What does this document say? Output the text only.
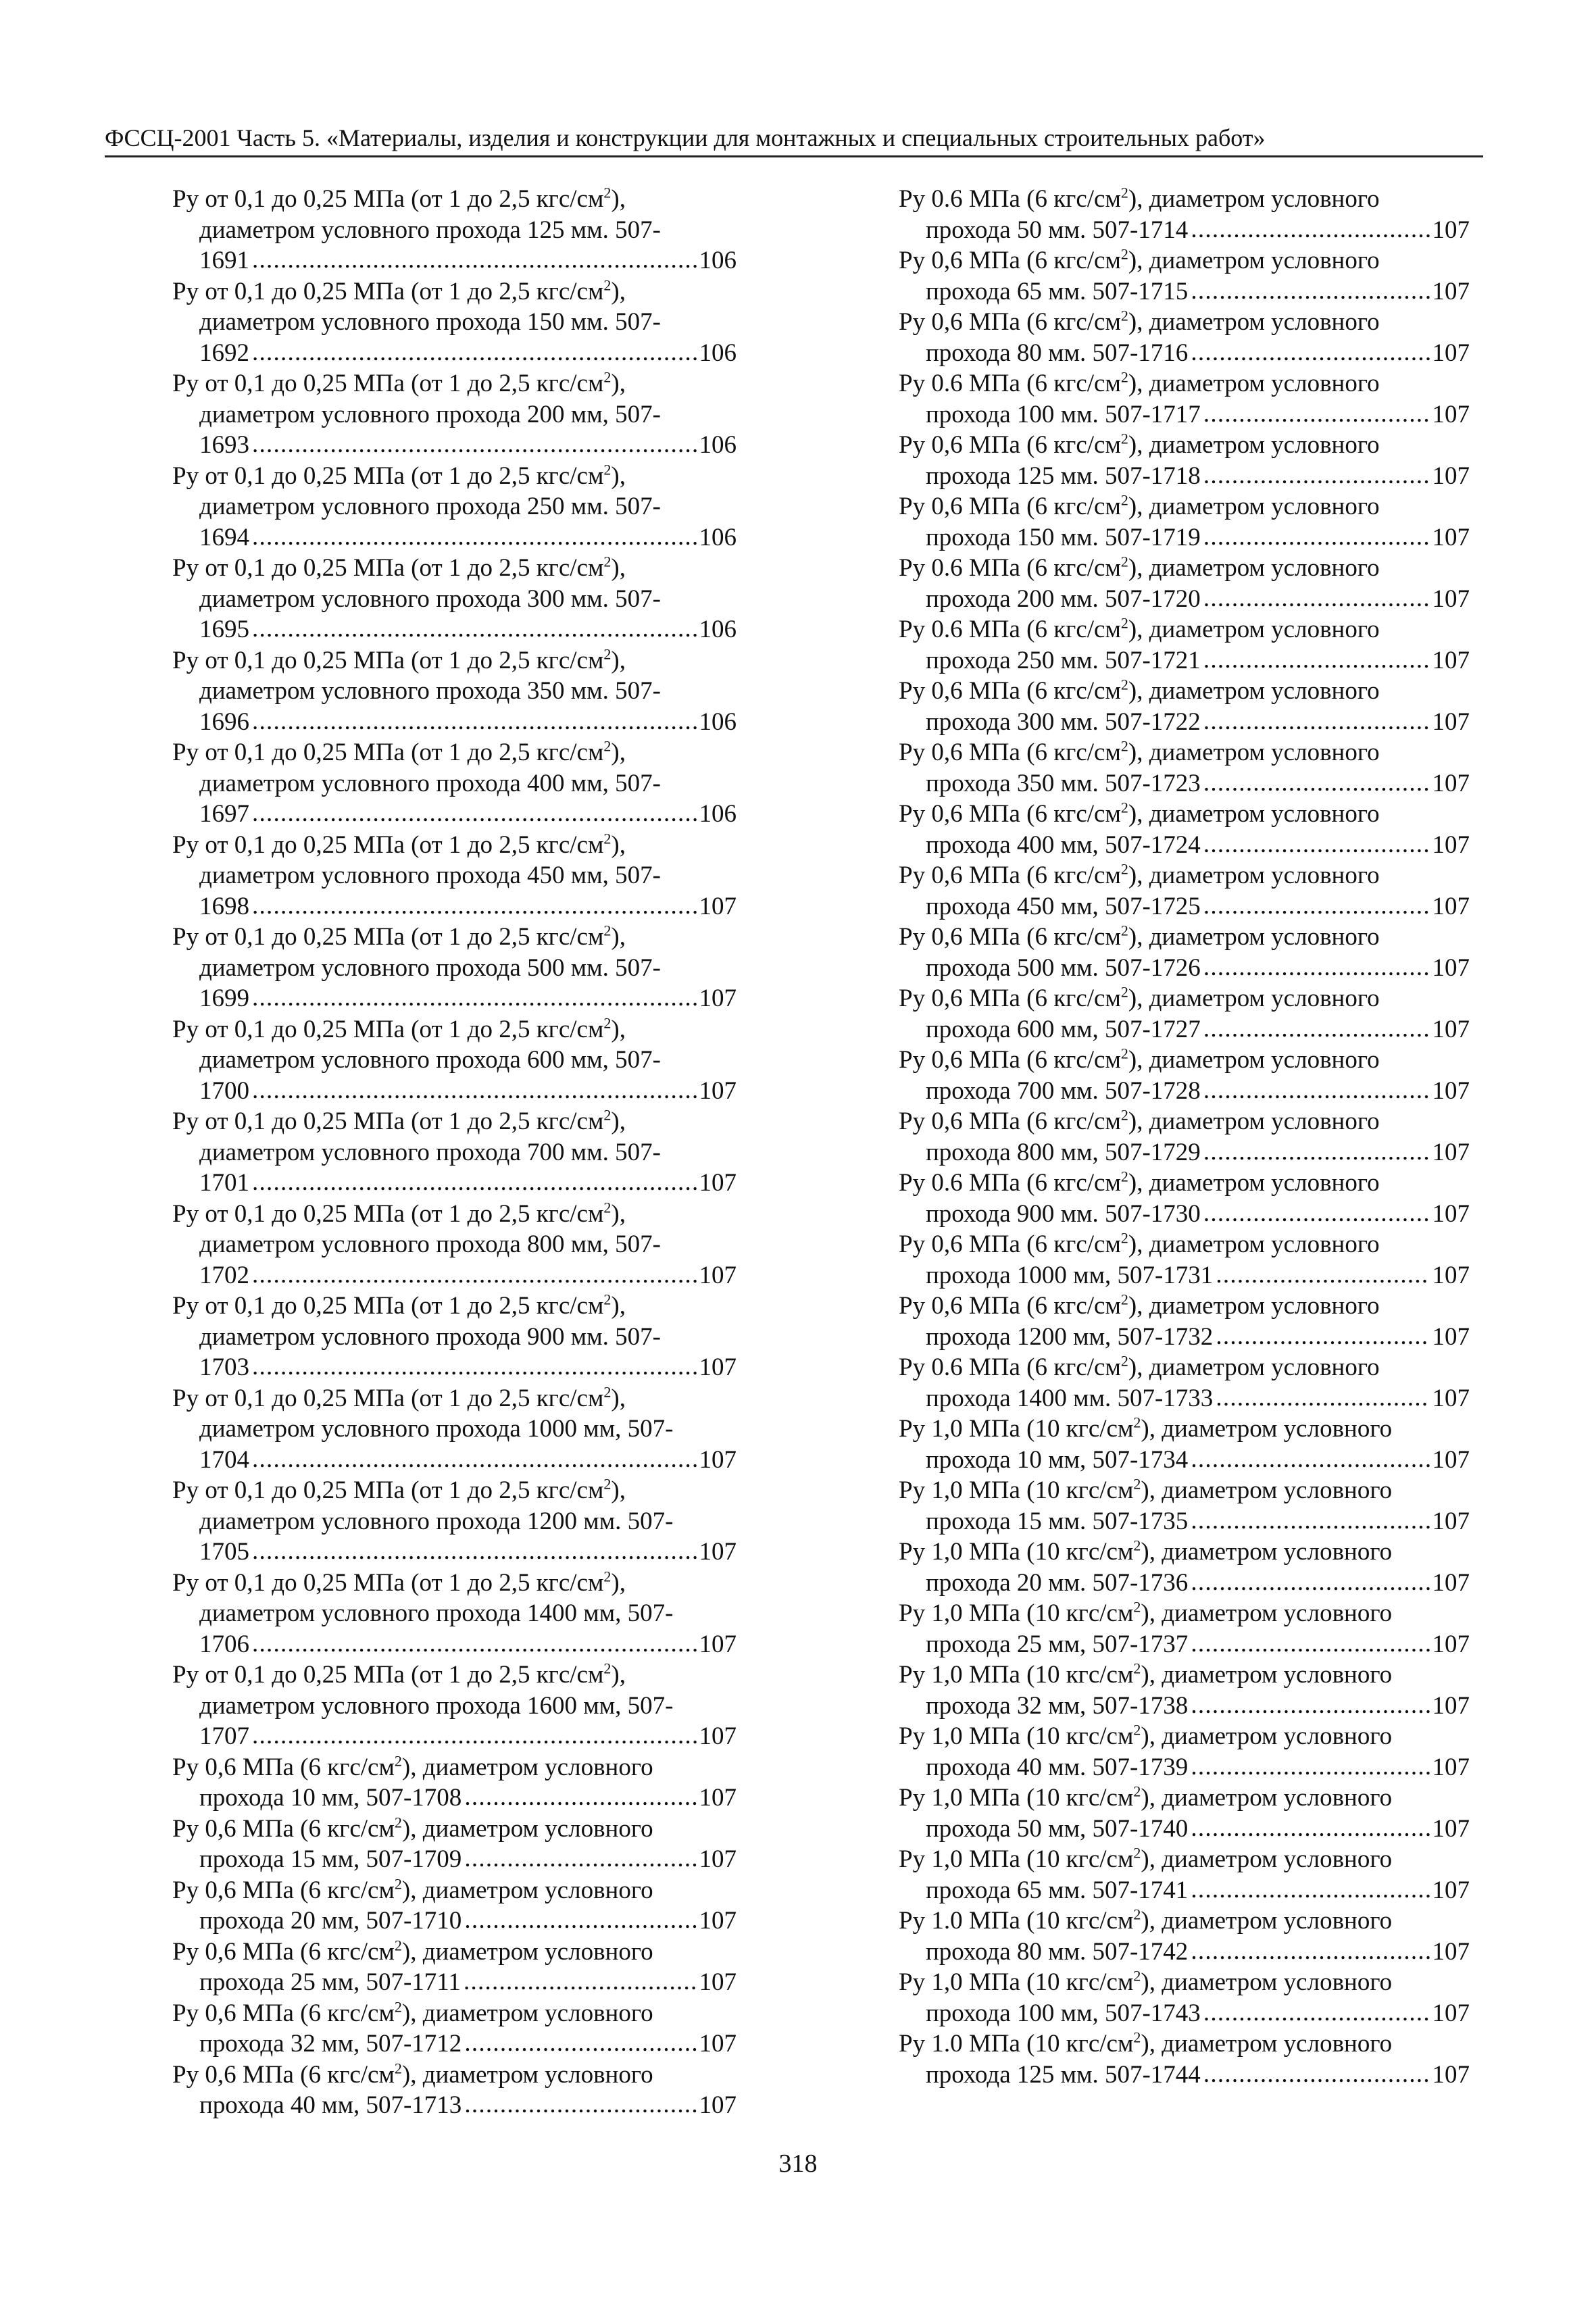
ФССЦ-2001 Часть 5. «Материалы, изделия и конструкции для монтажных и специальных строительных работ»
Ру от 0,1 до 0,25 МПа (от 1 до 2,5 кгс/$см^2$),
диаметром условного прохода 125 мм. 507-
1691 . . .	106
Ру от 0,1 до 0,25 МПа (от 1 до 2,5 кгс/$см^2$),
диаметром условного прохода 150 мм. 507-
1692 . . .	106
Ру от 0,1 до 0,25 МПа (от 1 до 2,5 кгс/$см^2$),
диаметром условного прохода 200 мм, 507-
1693 . . .	106
Ру от 0,1 до 0,25 МПа (от 1 до 2,5 кгс/$см^2$),
диаметром условного прохода 250 мм. 507-
1694 . . .	106
Ру от 0,1 до 0,25 МПа (от 1 до 2,5 кгс/$см^2$),
диаметром условного прохода 300 мм. 507-
1695 . . .	106
Ру от 0,1 до 0,25 МПа (от 1 до 2,5 кгс/$см^2$),
диаметром условного прохода 350 мм. 507-
1696 . . .	106
Ру от 0,1 до 0,25 МПа (от 1 до 2,5 кгс/$см^2$),
диаметром условного прохода 400 мм, 507-
1697 . . .	106
Ру от 0,1 до 0,25 МПа (от 1 до 2,5 кгс/$см^2$),
диаметром условного прохода 450 мм, 507-
1698 . . .	107
Ру от 0,1 до 0,25 МПа (от 1 до 2,5 кгс/$см^2$),
диаметром условного прохода 500 мм. 507-
1699 . . .	107
Ру от 0,1 до 0,25 МПа (от 1 до 2,5 кгс/$см^2$),
диаметром условного прохода 600 мм, 507-
1700 . . .	107
Ру от 0,1 до 0,25 МПа (от 1 до 2,5 кгс/$см^2$),
диаметром условного прохода 700 мм. 507-
1701 . . .	107
Ру от 0,1 до 0,25 МПа (от 1 до 2,5 кгс/$см^2$),
диаметром условного прохода 800 мм, 507-
1702 . . .	107
Ру от 0,1 до 0,25 МПа (от 1 до 2,5 кгс/$см^2$),
диаметром условного прохода 900 мм. 507-
1703 . . .	107
Ру от 0,1 до 0,25 МПа (от 1 до 2,5 кгс/$см^2$),
диаметром условного прохода 1000 мм, 507-
1704 . . .	107
Ру от 0,1 до 0,25 МПа (от 1 до 2,5 кгс/$см^2$),
диаметром условного прохода 1200 мм. 507-
1705 . . .	107
Ру от 0,1 до 0,25 МПа (от 1 до 2,5 кгс/$см^2$),
диаметром условного прохода 1400 мм, 507-
1706 . . .	107
Ру от 0,1 до 0,25 МПа (от 1 до 2,5 кгс/$см^2$),
диаметром условного прохода 1600 мм, 507-
1707 . . .	107
Ру 0,6 МПа (6 кгс/$см^2$), диаметром условного
прохода 10 мм, 507-1708 . . .	107
Ру 0,6 МПа (6 кгс/$см^2$), диаметром условного
прохода 15 мм, 507-1709 . . .	107
Ру 0,6 МПа (6 кгс/$см^2$), диаметром условного
прохода 20 мм, 507-1710 . . .	107
Ру 0,6 МПа (6 кгс/$см^2$), диаметром условного
прохода 25 мм, 507-1711 . . .	107
Ру 0,6 МПа (6 кгс/$см^2$), диаметром условного
прохода 32 мм, 507-1712 . . .	107
Ру 0,6 МПа (6 кгс/$см^2$), диаметром условного
прохода 40 мм, 507-1713 . . .	107
Ру 0.6 МПа (6 кгс/$см^2$), диаметром условного
прохода 50 мм. 507-1714 . . .	107
Ру 0,6 МПа (6 кгс/$см^2$), диаметром условного
прохода 65 мм. 507-1715 . . .	107
Ру 0,6 МПа (6 кгс/$см^2$), диаметром условного
прохода 80 мм. 507-1716 . . .	107
Ру 0.6 МПа (6 кгс/$см^2$), диаметром условного
прохода 100 мм. 507-1717 . . .	107
Ру 0,6 МПа (6 кгс/$см^2$), диаметром условного
прохода 125 мм. 507-1718 . . .	107
Ру 0,6 МПа (6 кгс/$см^2$), диаметром условного
прохода 150 мм. 507-1719 . . .	107
Ру 0.6 МПа (6 кгс/$см^2$), диаметром условного
прохода 200 мм. 507-1720 . . .	107
Ру 0.6 МПа (6 кгс/$см^2$), диаметром условного
прохода 250 мм. 507-1721 . . .	107
Ру 0,6 МПа (6 кгс/$см^2$), диаметром условного
прохода 300 мм. 507-1722 . . .	107
Ру 0,6 МПа (6 кгс/$см^2$), диаметром условного
прохода 350 мм. 507-1723 . . .	107
Ру 0,6 МПа (6 кгс/$см^2$), диаметром условного
прохода 400 мм, 507-1724 . . .	107
Ру 0,6 МПа (6 кгс/$см^2$), диаметром условного
прохода 450 мм, 507-1725 . . .	107
Ру 0,6 МПа (6 кгс/$см^2$), диаметром условного
прохода 500 мм. 507-1726 . . .	107
Ру 0,6 МПа (6 кгс/$см^2$), диаметром условного
прохода 600 мм, 507-1727 . . .	107
Ру 0,6 МПа (6 кгс/$см^2$), диаметром условного
прохода 700 мм. 507-1728 . . .	107
Ру 0,6 МПа (6 кгс/$см^2$), диаметром условного
прохода 800 мм, 507-1729 . . .	107
Ру 0.6 МПа (6 кгс/$см^2$), диаметром условного
прохода 900 мм. 507-1730 . . .	107
Ру 0,6 МПа (6 кгс/$см^2$), диаметром условного
прохода 1000 мм, 507-1731 . . .	107
Ру 0,6 МПа (6 кгс/$см^2$), диаметром условного
прохода 1200 мм, 507-1732 . . .	107
Ру 0.6 МПа (6 кгс/$см^2$), диаметром условного
прохода 1400 мм. 507-1733 . . .	107
Ру 1,0 МПа (10 кгс/$см^2$), диаметром условного
прохода 10 мм, 507-1734 . . .	107
Ру 1,0 МПа (10 кгс/$см^2$), диаметром условного
прохода 15 мм. 507-1735 . . .	107
Ру 1,0 МПа (10 кгс/$см^2$), диаметром условного
прохода 20 мм. 507-1736 . . .	107
Ру 1,0 МПа (10 кгс/$см^2$), диаметром условного
прохода 25 мм, 507-1737 . . .	107
Ру 1,0 МПа (10 кгс/$см^2$), диаметром условного
прохода 32 мм, 507-1738 . . .	107
Ру 1,0 МПа (10 кгс/$см^2$), диаметром условного
прохода 40 мм. 507-1739 . . .	107
Ру 1,0 МПа (10 кгс/$см^2$), диаметром условного
прохода 50 мм, 507-1740 . . .	107
Ру 1,0 МПа (10 кгс/$см^2$), диаметром условного
прохода 65 мм. 507-1741 . . .	107
Ру 1.0 МПа (10 кгс/$см^2$), диаметром условного
прохода 80 мм. 507-1742 . . .	107
Ру 1,0 МПа (10 кгс/$см^2$), диаметром условного
прохода 100 мм, 507-1743 . . .	107
Ру 1.0 МПа (10 кгс/$см^2$), диаметром условного
прохода 125 мм. 507-1744 . . .	107
318
